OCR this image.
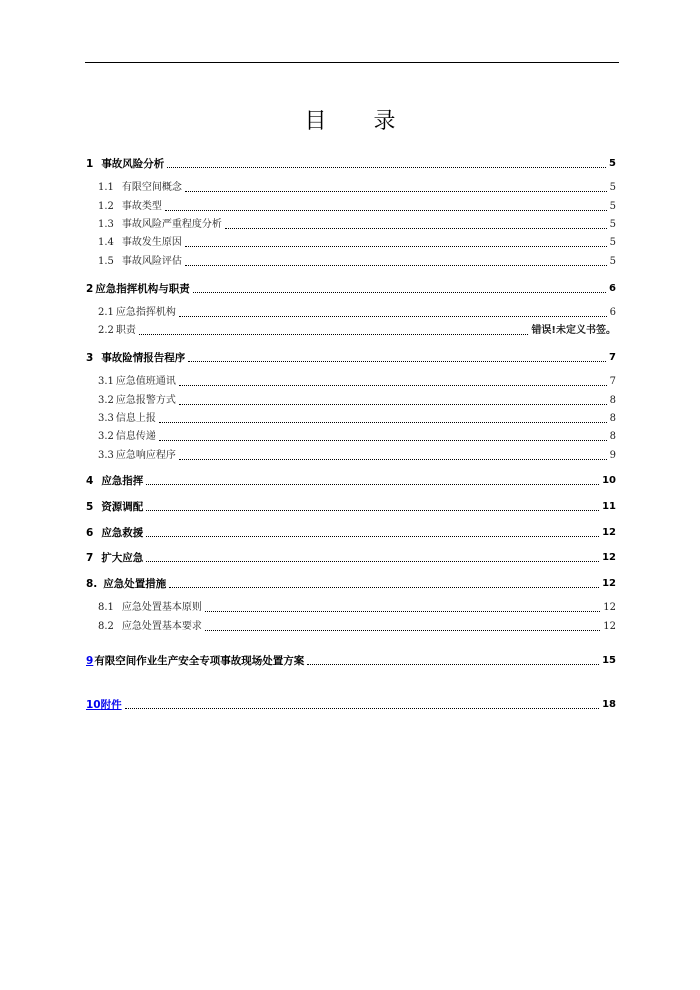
目 录
1 事故风险分析	5
1.1 有限空间概念	5
1.2 事故类型	5
1.3 事故风险严重程度分析	5
1.4 事故发生原因	5
1.5 事故风险评估	5
2 应急指挥机构与职责	6
2.1 应急指挥机构	6
2.2 职责	错误!未定义书签。
3 事故险情报告程序	7
3.1 应急值班通讯	7
3.2 应急报警方式	8
3.3 信息上报	8
3.2 信息传递	8
3.3 应急响应程序	9
4 应急指挥	10
5 资源调配	11
6 应急救援	12
7 扩大应急	12
8. 应急处置措施	12
8.1 应急处置基本原则	12
8.2 应急处置基本要求	12
9 有限空间作业生产安全专项事故现场处置方案	15
10 附件	18
